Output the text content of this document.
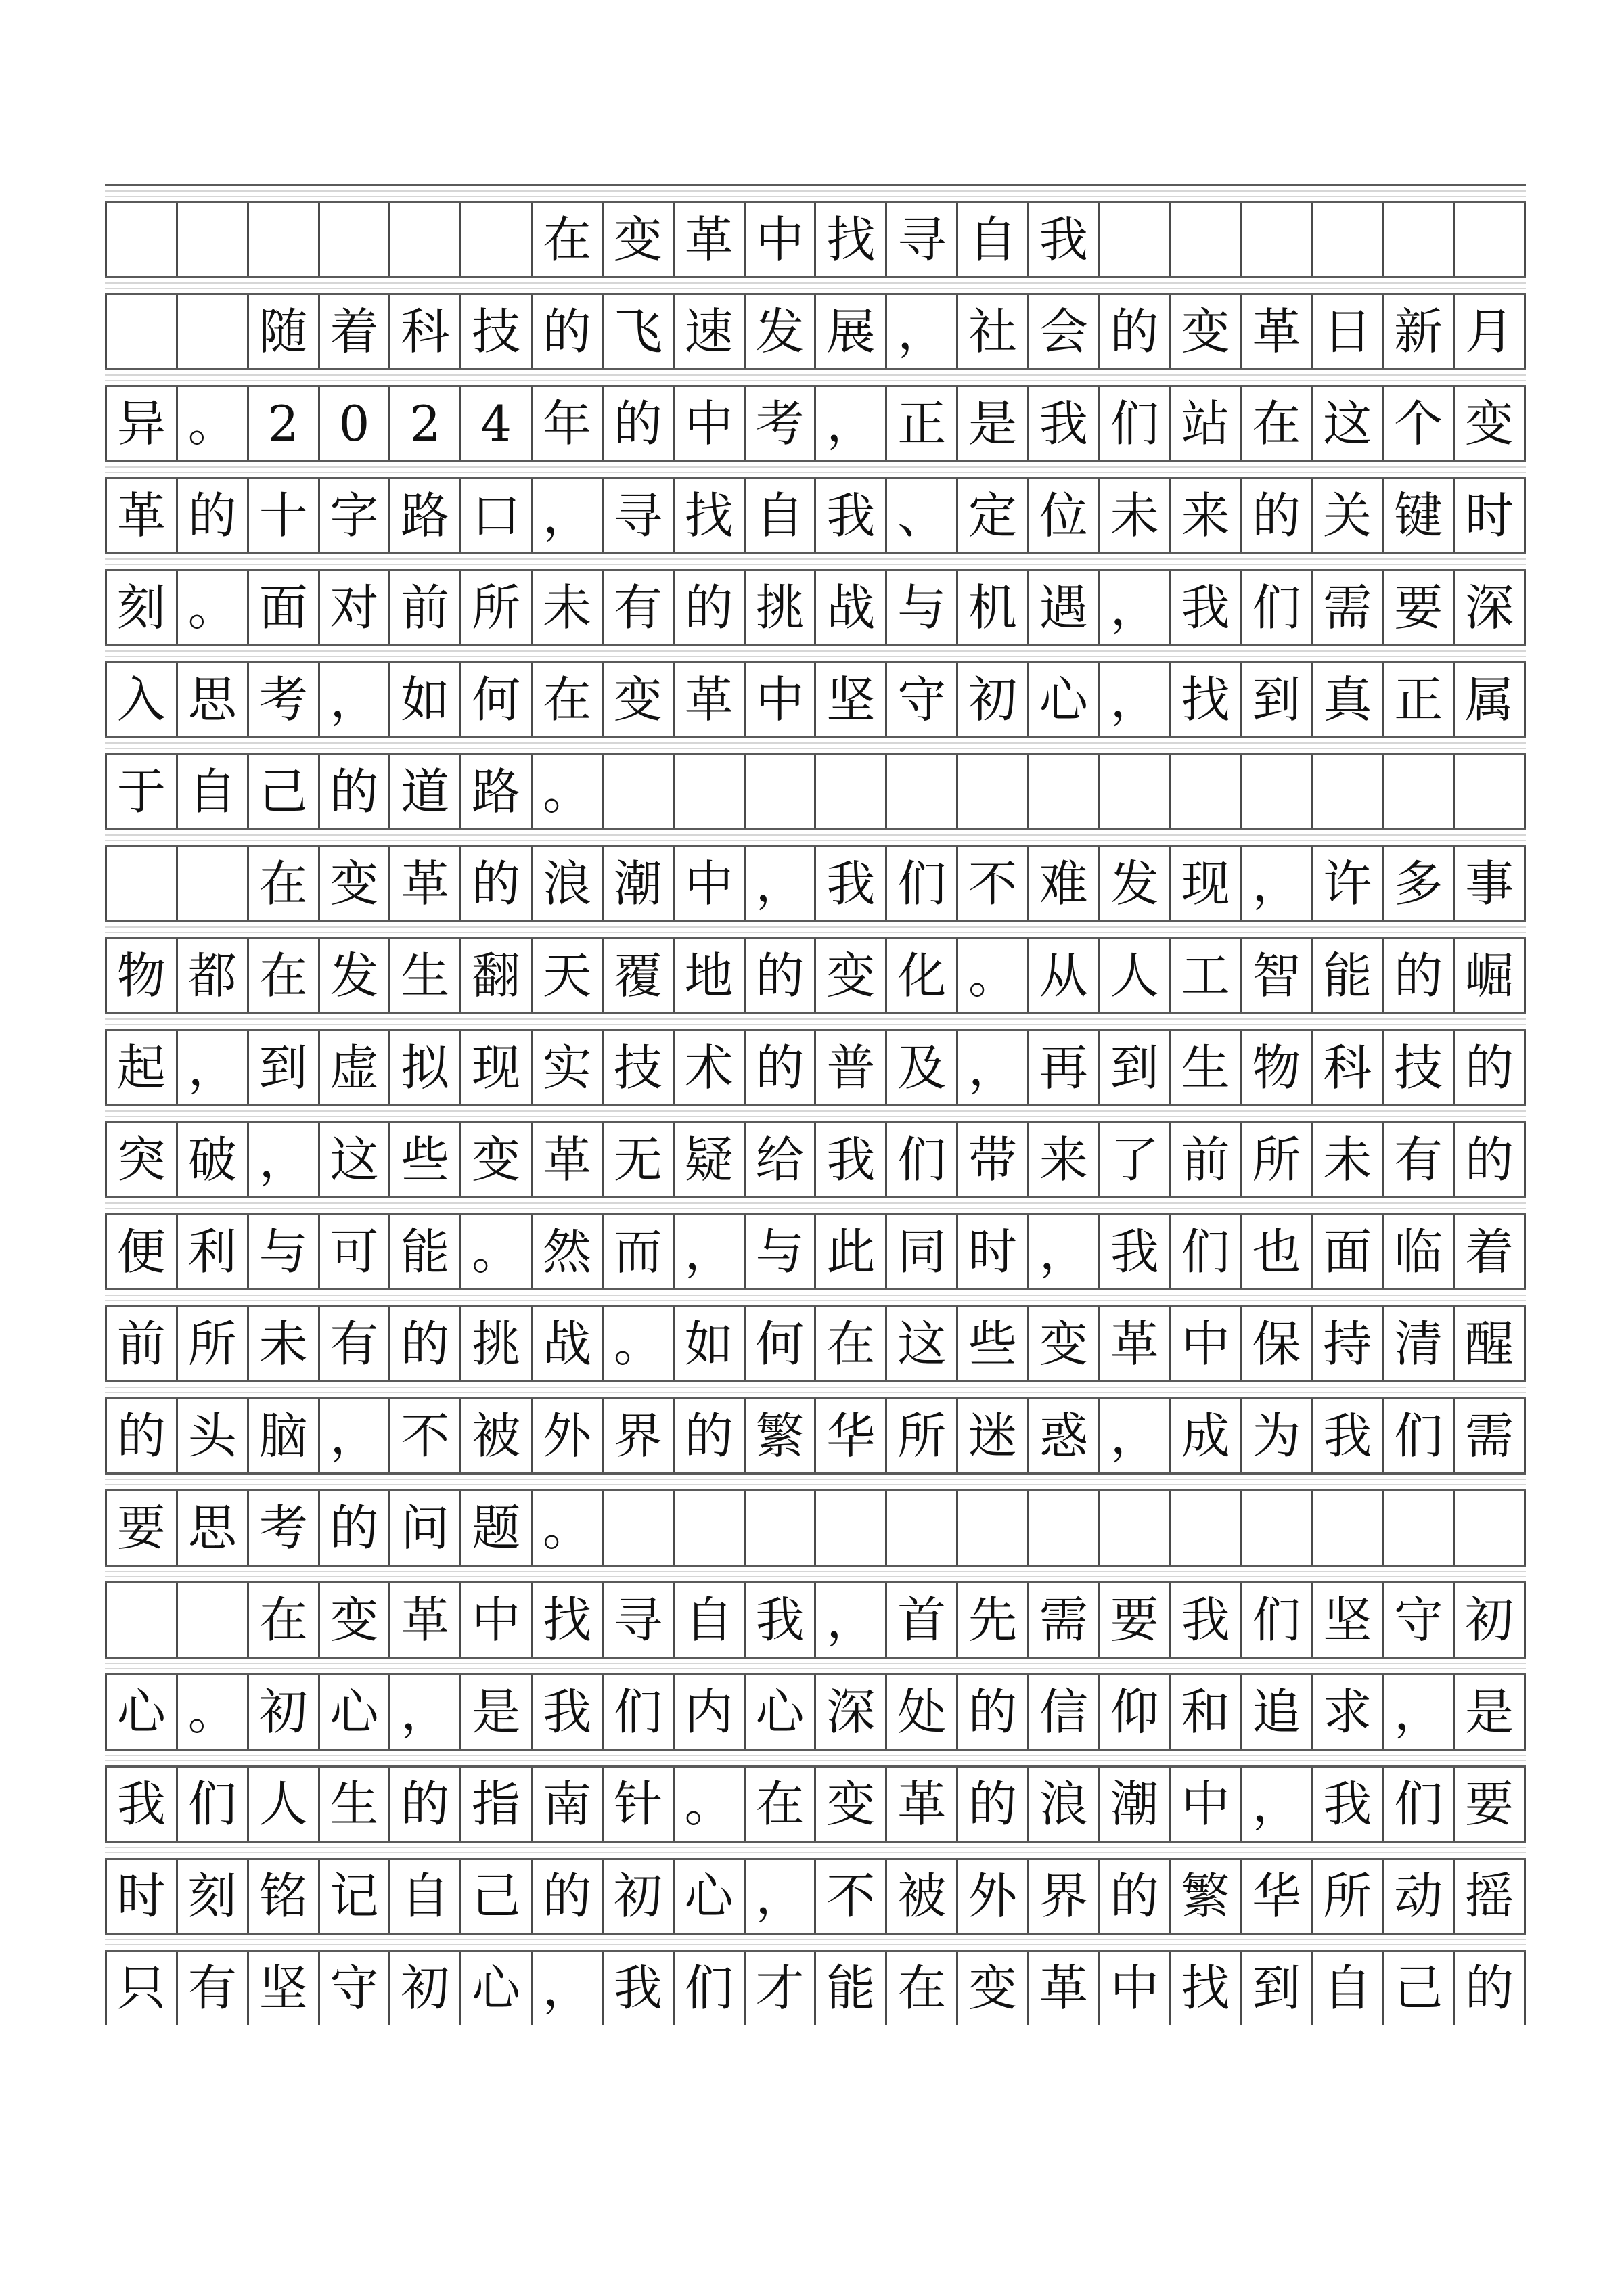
在 变 革 中 找 寻 自 我
随 着 科 技 的 飞 速 发 展 ， 社 会 的 变 革 日 新 月
异 。 2 0 2 4 年 的 中 考 ， 正 是 我 们 站 在 这 个 变
革 的 十 字 路 口 ， 寻 找 自 我 、 定 位 未 来 的 关 键 时
刻 。 面 对 前 所 未 有 的 挑 战 与 机 遇 ， 我 们 需 要 深
入 思 考 ， 如 何 在 变 革 中 坚 守 初 心 ， 找 到 真 正 属
于 自 己 的 道 路 。
在 变 革 的 浪 潮 中 ， 我 们 不 难 发 现 ， 许 多 事
物 都 在 发 生 翻 天 覆 地 的 变 化 。 从 人 工 智 能 的 崛
起 ， 到 虚 拟 现 实 技 术 的 普 及 ， 再 到 生 物 科 技 的
突 破 ， 这 些 变 革 无 疑 给 我 们 带 来 了 前 所 未 有 的
便 利 与 可 能 。 然 而 ， 与 此 同 时 ， 我 们 也 面 临 着
前 所 未 有 的 挑 战 。 如 何 在 这 些 变 革 中 保 持 清 醒
的 头 脑 ， 不 被 外 界 的 繁 华 所 迷 惑 ， 成 为 我 们 需
要 思 考 的 问 题 。
在 变 革 中 找 寻 自 我 ， 首 先 需 要 我 们 坚 守 初
心 。 初 心 ， 是 我 们 内 心 深 处 的 信 仰 和 追 求 ， 是
我 们 人 生 的 指 南 针 。 在 变 革 的 浪 潮 中 ， 我 们 要
时 刻 铭 记 自 己 的 初 心 ， 不 被 外 界 的 繁 华 所 动 摇
只 有 坚 守 初 心 ， 我 们 才 能 在 变 革 中 找 到 自 己 的
